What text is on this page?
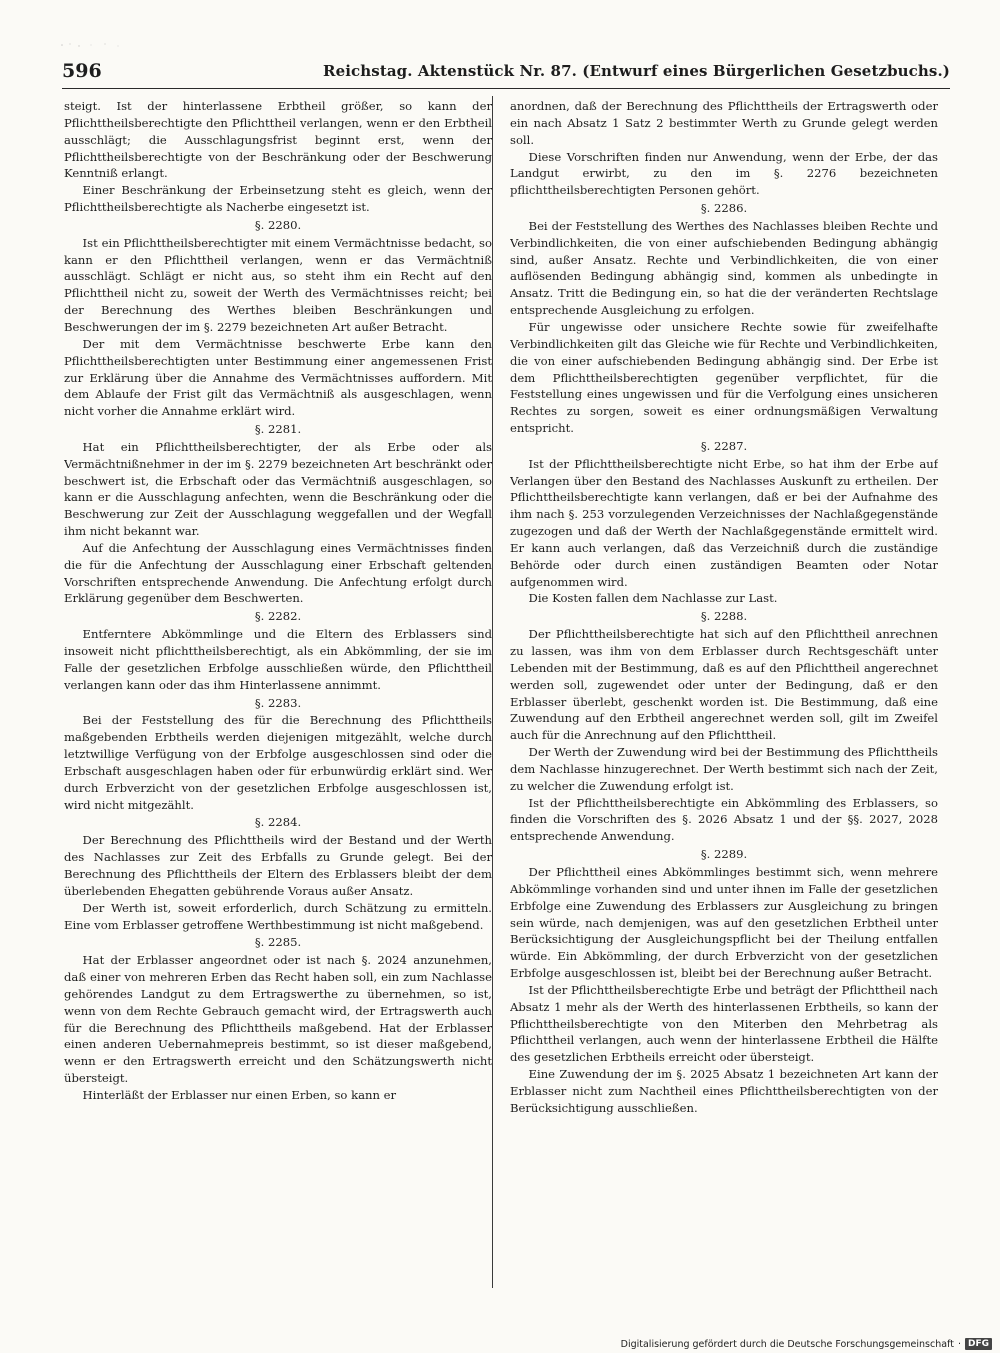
596	Reichstag. Aktenstück Nr. 87. (Entwurf eines Bürgerlichen Gesetzbuchs.)

steigt. Ist der hinterlassene Erbtheil größer, so kann der Pflichttheilsberechtigte den Pflichttheil verlangen, wenn er den Erbtheil ausschlägt; die Ausschlagungsfrist beginnt erst, wenn der Pflichttheilsberechtigte von der Beschränkung oder der Beschwerung Kenntniß erlangt.

Einer Beschränkung der Erbeinsetzung steht es gleich, wenn der Pflichttheilsberechtigte als Nacherbe eingesetzt ist.

§. 2280.

Ist ein Pflichttheilsberechtigter mit einem Vermächtnisse bedacht, so kann er den Pflichttheil verlangen, wenn er das Vermächtniß ausschlägt. Schlägt er nicht aus, so steht ihm ein Recht auf den Pflichttheil nicht zu, soweit der Werth des Vermächtnisses reicht; bei der Berechnung des Werthes bleiben Beschränkungen und Beschwerungen der im §. 2279 bezeichneten Art außer Betracht.

Der mit dem Vermächtnisse beschwerte Erbe kann den Pflichttheilsberechtigten unter Bestimmung einer angemessenen Frist zur Erklärung über die Annahme des Vermächtnisses auffordern. Mit dem Ablaufe der Frist gilt das Vermächtniß als ausgeschlagen, wenn nicht vorher die Annahme erklärt wird.

§. 2281.

Hat ein Pflichttheilsberechtigter, der als Erbe oder als Vermächtnißnehmer in der im §. 2279 bezeichneten Art beschränkt oder beschwert ist, die Erbschaft oder das Vermächtniß ausgeschlagen, so kann er die Ausschlagung anfechten, wenn die Beschränkung oder die Beschwerung zur Zeit der Ausschlagung weggefallen und der Wegfall ihm nicht bekannt war.

Auf die Anfechtung der Ausschlagung eines Vermächtnisses finden die für die Anfechtung der Ausschlagung einer Erbschaft geltenden Vorschriften entsprechende Anwendung. Die Anfechtung erfolgt durch Erklärung gegenüber dem Beschwerten.

§. 2282.

Entferntere Abkömmlinge und die Eltern des Erblassers sind insoweit nicht pflichttheilsberechtigt, als ein Abkömmling, der sie im Falle der gesetzlichen Erbfolge ausschließen würde, den Pflichttheil verlangen kann oder das ihm Hinterlassene annimmt.

§. 2283.

Bei der Feststellung des für die Berechnung des Pflichttheils maßgebenden Erbtheils werden diejenigen mitgezählt, welche durch letztwillige Verfügung von der Erbfolge ausgeschlossen sind oder die Erbschaft ausgeschlagen haben oder für erbunwürdig erklärt sind. Wer durch Erbverzicht von der gesetzlichen Erbfolge ausgeschlossen ist, wird nicht mitgezählt.

§. 2284.

Der Berechnung des Pflichttheils wird der Bestand und der Werth des Nachlasses zur Zeit des Erbfalls zu Grunde gelegt. Bei der Berechnung des Pflichttheils der Eltern des Erblassers bleibt der dem überlebenden Ehegatten gebührende Voraus außer Ansatz.

Der Werth ist, soweit erforderlich, durch Schätzung zu ermitteln. Eine vom Erblasser getroffene Werthbestimmung ist nicht maßgebend.

§. 2285.

Hat der Erblasser angeordnet oder ist nach §. 2024 anzunehmen, daß einer von mehreren Erben das Recht haben soll, ein zum Nachlasse gehörendes Landgut zu dem Ertragswerthe zu übernehmen, so ist, wenn von dem Rechte Gebrauch gemacht wird, der Ertragswerth auch für die Berechnung des Pflichttheils maßgebend. Hat der Erblasser einen anderen Uebernahmepreis bestimmt, so ist dieser maßgebend, wenn er den Ertragswerth erreicht und den Schätzungswerth nicht übersteigt.

Hinterläßt der Erblasser nur einen Erben, so kann er

anordnen, daß der Berechnung des Pflichttheils der Ertragswerth oder ein nach Absatz 1 Satz 2 bestimmter Werth zu Grunde gelegt werden soll.

Diese Vorschriften finden nur Anwendung, wenn der Erbe, der das Landgut erwirbt, zu den im §. 2276 bezeichneten pflichttheilsberechtigten Personen gehört.

§. 2286.

Bei der Feststellung des Werthes des Nachlasses bleiben Rechte und Verbindlichkeiten, die von einer aufschiebenden Bedingung abhängig sind, außer Ansatz. Rechte und Verbindlichkeiten, die von einer auflösenden Bedingung abhängig sind, kommen als unbedingte in Ansatz. Tritt die Bedingung ein, so hat die der veränderten Rechtslage entsprechende Ausgleichung zu erfolgen.

Für ungewisse oder unsichere Rechte sowie für zweifelhafte Verbindlichkeiten gilt das Gleiche wie für Rechte und Verbindlichkeiten, die von einer aufschiebenden Bedingung abhängig sind. Der Erbe ist dem Pflichttheilsberechtigten gegenüber verpflichtet, für die Feststellung eines ungewissen und für die Verfolgung eines unsicheren Rechtes zu sorgen, soweit es einer ordnungsmäßigen Verwaltung entspricht.

§. 2287.

Ist der Pflichttheilsberechtigte nicht Erbe, so hat ihm der Erbe auf Verlangen über den Bestand des Nachlasses Auskunft zu ertheilen. Der Pflichttheilsberechtigte kann verlangen, daß er bei der Aufnahme des ihm nach §. 253 vorzulegenden Verzeichnisses der Nachlaßgegenstände zugezogen und daß der Werth der Nachlaßgegenstände ermittelt wird. Er kann auch verlangen, daß das Verzeichniß durch die zuständige Behörde oder durch einen zuständigen Beamten oder Notar aufgenommen wird.

Die Kosten fallen dem Nachlasse zur Last.

§. 2288.

Der Pflichttheilsberechtigte hat sich auf den Pflichttheil anrechnen zu lassen, was ihm von dem Erblasser durch Rechtsgeschäft unter Lebenden mit der Bestimmung, daß es auf den Pflichttheil angerechnet werden soll, zugewendet oder unter der Bedingung, daß er den Erblasser überlebt, geschenkt worden ist. Die Bestimmung, daß eine Zuwendung auf den Erbtheil angerechnet werden soll, gilt im Zweifel auch für die Anrechnung auf den Pflichttheil.

Der Werth der Zuwendung wird bei der Bestimmung des Pflichttheils dem Nachlasse hinzugerechnet. Der Werth bestimmt sich nach der Zeit, zu welcher die Zuwendung erfolgt ist.

Ist der Pflichttheilsberechtigte ein Abkömmling des Erblassers, so finden die Vorschriften des §. 2026 Absatz 1 und der §§. 2027, 2028 entsprechende Anwendung.

§. 2289.

Der Pflichttheil eines Abkömmlinges bestimmt sich, wenn mehrere Abkömmlinge vorhanden sind und unter ihnen im Falle der gesetzlichen Erbfolge eine Zuwendung des Erblassers zur Ausgleichung zu bringen sein würde, nach demjenigen, was auf den gesetzlichen Erbtheil unter Berücksichtigung der Ausgleichungspflicht bei der Theilung entfallen würde. Ein Abkömmling, der durch Erbverzicht von der gesetzlichen Erbfolge ausgeschlossen ist, bleibt bei der Berechnung außer Betracht.

Ist der Pflichttheilsberechtigte Erbe und beträgt der Pflichttheil nach Absatz 1 mehr als der Werth des hinterlassenen Erbtheils, so kann der Pflichttheilsberechtigte von den Miterben den Mehrbetrag als Pflichttheil verlangen, auch wenn der hinterlassene Erbtheil die Hälfte des gesetzlichen Erbtheils erreicht oder übersteigt.

Eine Zuwendung der im §. 2025 Absatz 1 bezeichneten Art kann der Erblasser nicht zum Nachtheil eines Pflichttheilsberechtigten von der Berücksichtigung ausschließen.

Digitalisierung gefördert durch die Deutsche Forschungsgemeinschaft · DFG
